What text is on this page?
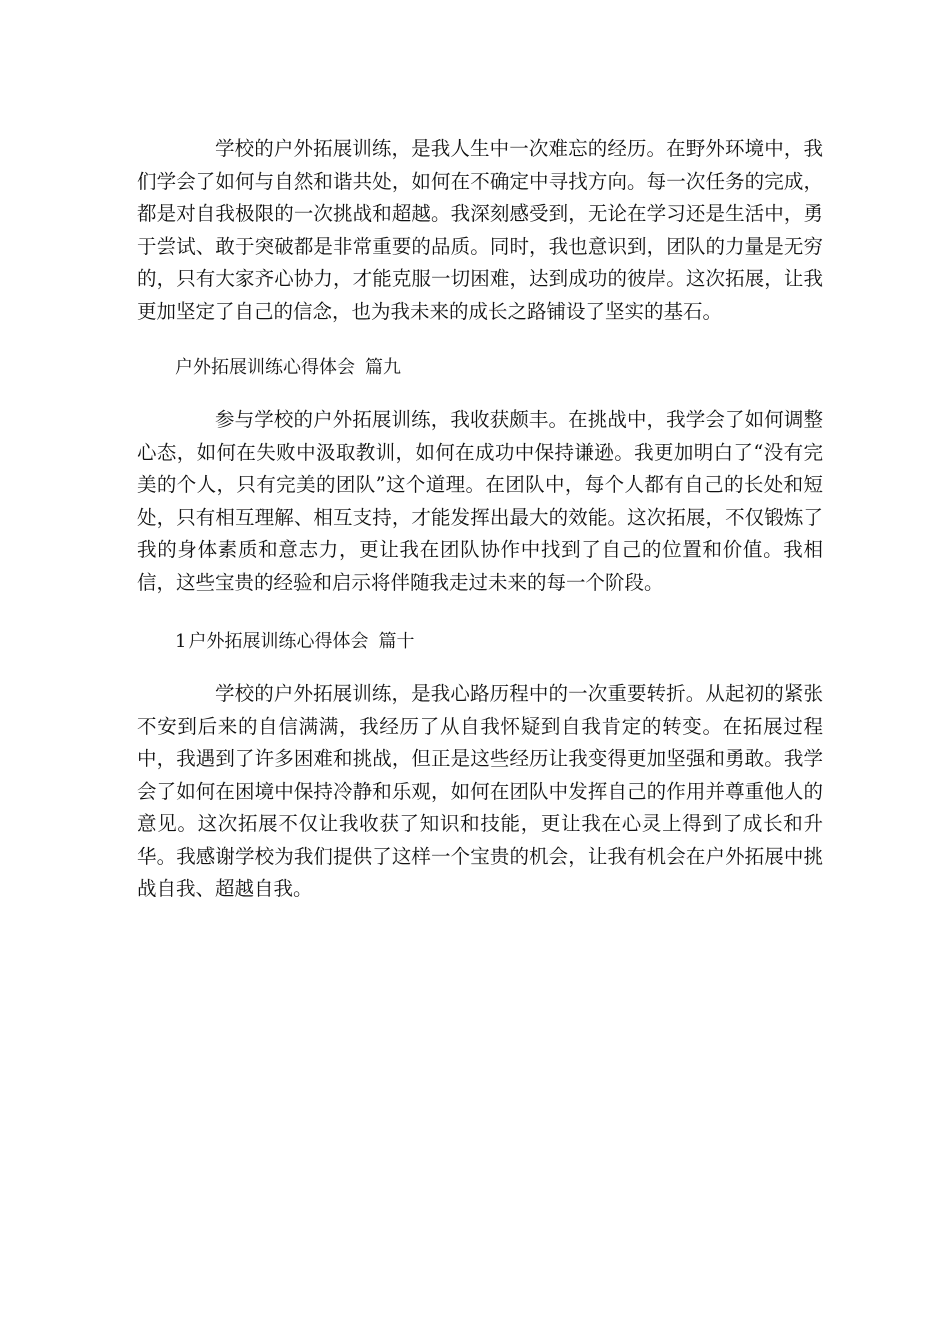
学校的户外拓展训练，是我人生中一次难忘的经历。在野外环境中，我们学会了如何与自然和谐共处，如何在不确定中寻找方向。每一次任务的完成，都是对自我极限的一次挑战和超越。我深刻感受到，无论在学习还是生活中，勇于尝试、敢于突破都是非常重要的品质。同时，我也意识到，团队的力量是无穷的，只有大家齐心协力，才能克服一切困难，达到成功的彼岸。这次拓展，让我更加坚定了自己的信念，也为我未来的成长之路铺设了坚实的基石。

户外拓展训练心得体会 篇九

参与学校的户外拓展训练，我收获颇丰。在挑战中，我学会了如何调整心态，如何在失败中汲取教训，如何在成功中保持谦逊。我更加明白了“没有完美的个人，只有完美的团队”这个道理。在团队中，每个人都有自己的长处和短处，只有相互理解、相互支持，才能发挥出最大的效能。这次拓展，不仅锻炼了我的身体素质和意志力，更让我在团队协作中找到了自己的位置和价值。我相信，这些宝贵的经验和启示将伴随我走过未来的每一个阶段。

1 户外拓展训练心得体会 篇十

学校的户外拓展训练，是我心路历程中的一次重要转折。从起初的紧张不安到后来的自信满满，我经历了从自我怀疑到自我肯定的转变。在拓展过程中，我遇到了许多困难和挑战，但正是这些经历让我变得更加坚强和勇敢。我学会了如何在困境中保持冷静和乐观，如何在团队中发挥自己的作用并尊重他人的意见。这次拓展不仅让我收获了知识和技能，更让我在心灵上得到了成长和升华。我感谢学校为我们提供了这样一个宝贵的机会，让我有机会在户外拓展中挑战自我、超越自我。
